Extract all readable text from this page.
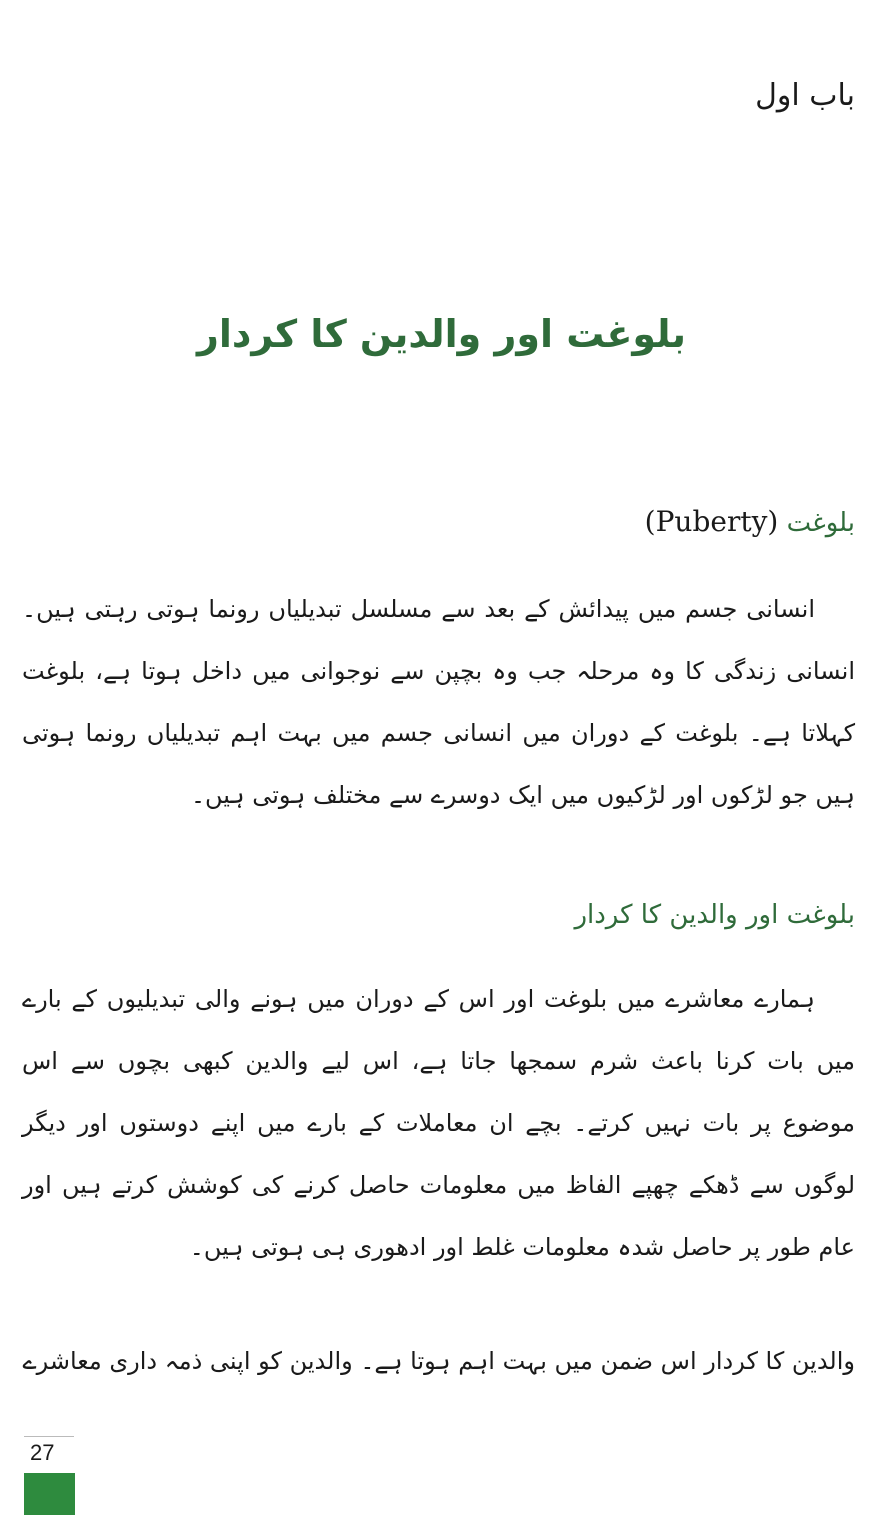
باب اول
بلوغت اور والدین کا کردار
بلوغت (Puberty)
انسانی جسم میں پیدائش کے بعد سے مسلسل تبدیلیاں رونما ہوتی رہتی ہیں۔ انسانی زندگی کا وہ مرحلہ جب وہ بچپن سے نوجوانی میں داخل ہوتا ہے، بلوغت کہلاتا ہے۔ بلوغت کے دوران میں انسانی جسم میں بہت اہم تبدیلیاں رونما ہوتی ہیں جو لڑکوں اور لڑکیوں میں ایک دوسرے سے مختلف ہوتی ہیں۔
بلوغت اور والدین کا کردار
ہمارے معاشرے میں بلوغت اور اس کے دوران میں ہونے والی تبدیلیوں کے بارے میں بات کرنا باعث شرم سمجھا جاتا ہے، اس لیے والدین کبھی بچوں سے اس موضوع پر بات نہیں کرتے۔ بچے ان معاملات کے بارے میں اپنے دوستوں اور دیگر لوگوں سے ڈھکے چھپے الفاظ میں معلومات حاصل کرنے کی کوشش کرتے ہیں اور عام طور پر حاصل شدہ معلومات غلط اور ادھوری ہی ہوتی ہیں۔
والدین کا کردار اس ضمن میں بہت اہم ہوتا ہے۔ والدین کو اپنی ذمہ داری معاشرے
27
